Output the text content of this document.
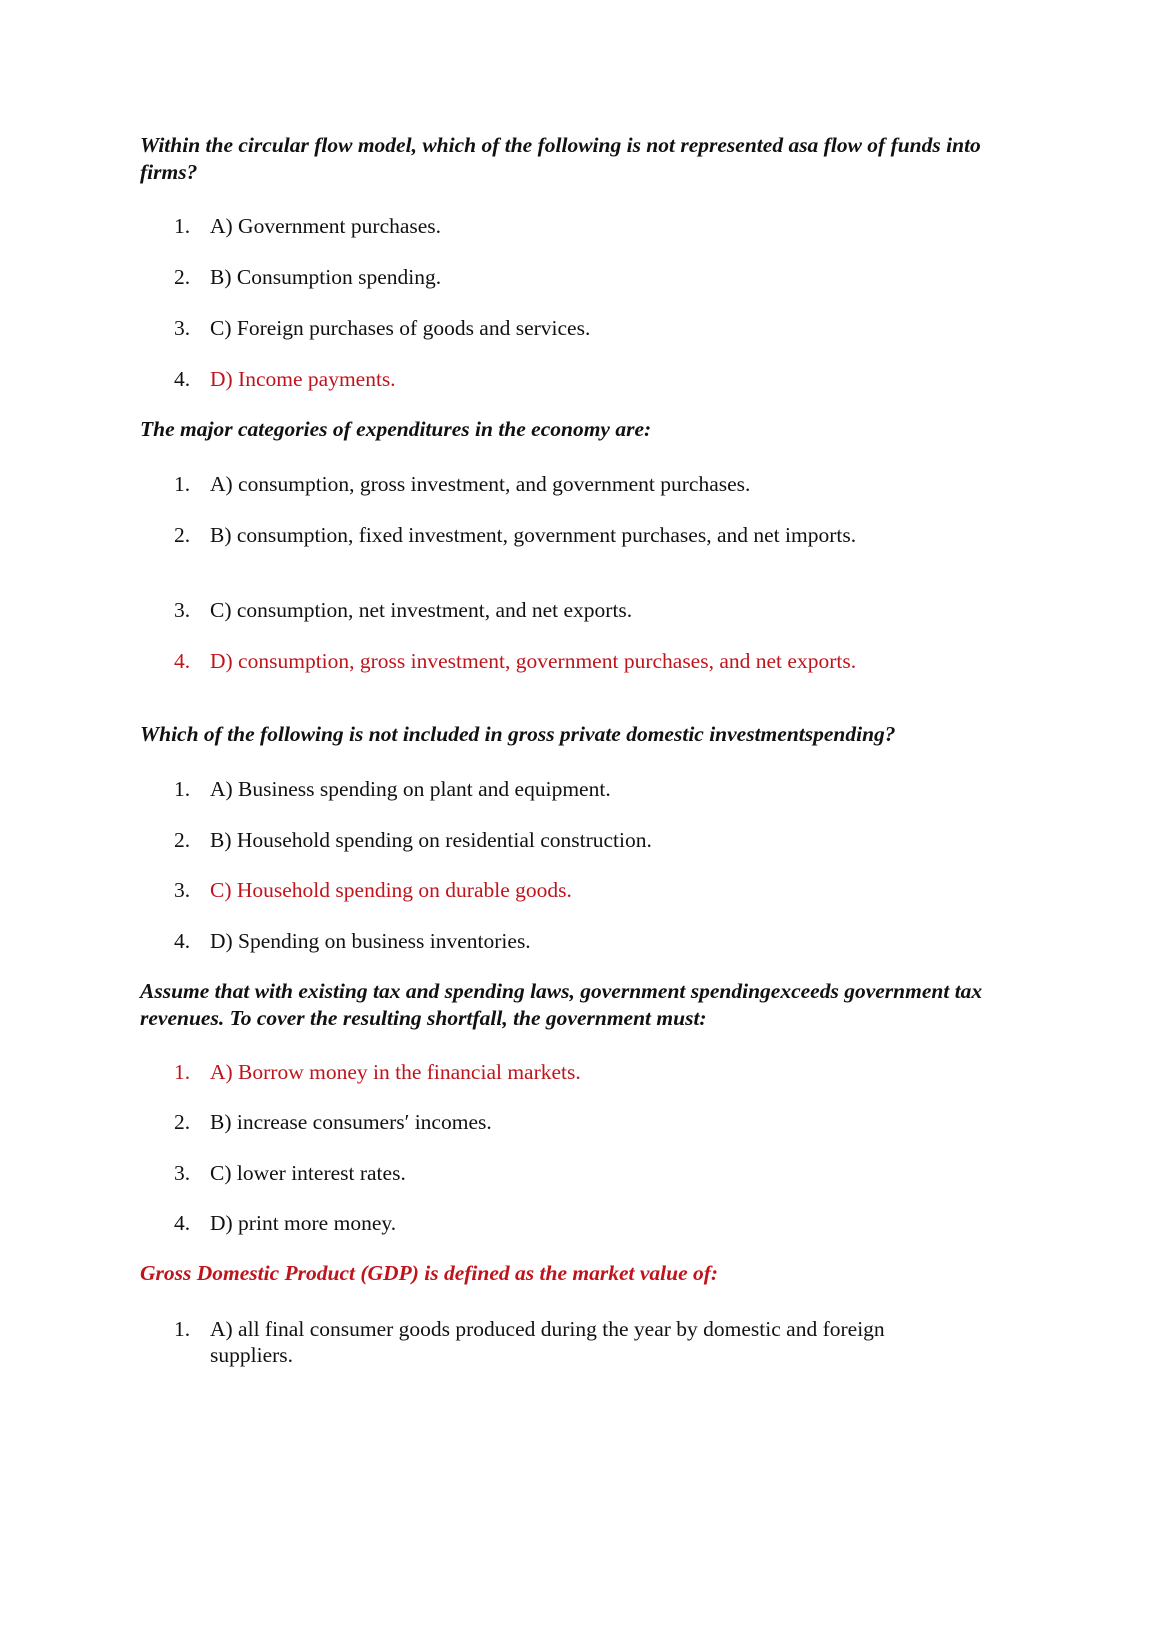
Within the circular flow model, which of the following is not represented asa flow of funds into firms?

1. A) Government purchases.
2. B) Consumption spending.
3. C) Foreign purchases of goods and services.
4. D) Income payments.

The major categories of expenditures in the economy are:

1. A) consumption, gross investment, and government purchases.
2. B) consumption, fixed investment, government purchases, and net imports.
3. C) consumption, net investment, and net exports.
4. D) consumption, gross investment, government purchases, and net exports.

Which of the following is not included in gross private domestic investmentspending?

1. A) Business spending on plant and equipment.
2. B) Household spending on residential construction.
3. C) Household spending on durable goods.
4. D) Spending on business inventories.

Assume that with existing tax and spending laws, government spendingexceeds government tax revenues. To cover the resulting shortfall, the government must:

1. A) Borrow money in the financial markets.
2. B) increase consumers′ incomes.
3. C) lower interest rates.
4. D) print more money.

Gross Domestic Product (GDP) is defined as the market value of:

1. A) all final consumer goods produced during the year by domestic and foreign suppliers.
